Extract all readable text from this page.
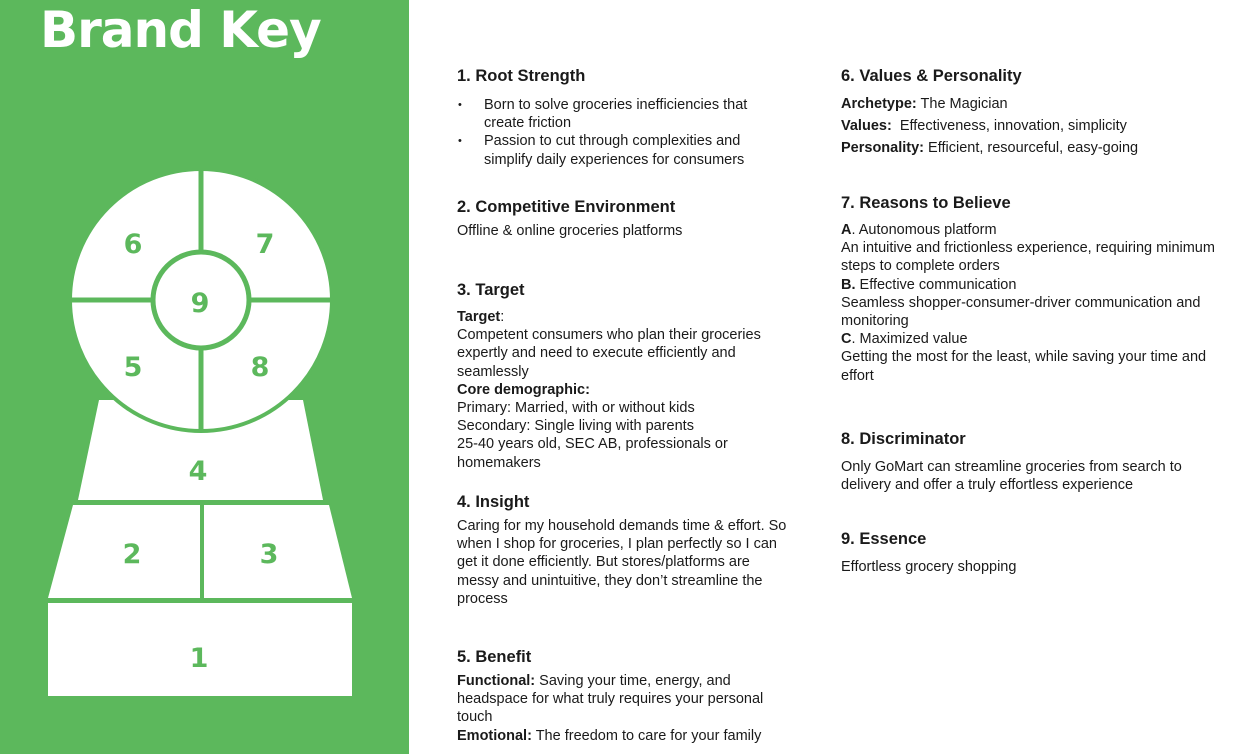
Brand Key
6	7
9
5	8
4
2	3
1
1. Root Strength
• Born to solve groceries inefficiencies that create friction
• Passion to cut through complexities and simplify daily experiences for consumers
2. Competitive Environment

Offline & online groceries platforms

3. Target

Target:

Competent consumers who plan their groceries expertly and need to execute efficiently and seamlessly

Core demographic:

Primary: Married, with or without kids

Secondary: Single living with parents

25-40 years old, SEC AB, professionals or homemakers

4. Insight

Caring for my household demands time & effort. So when I shop for groceries, I plan perfectly so I can get it done efficiently. But stores/platforms are messy and unintuitive, they don’t streamline the process

5. Benefit

Functional: Saving your time, energy, and headspace for what truly requires your personal touch

Emotional: The freedom to care for your family

6. Values & Personality

Archetype: The Magician

Values: Effectiveness, innovation, simplicity

Personality: Efficient, resourceful, easy-going

7. Reasons to Believe

A. Autonomous platform

An intuitive and frictionless experience, requiring minimum steps to complete orders

B. Effective communication

Seamless shopper-consumer-driver communication and monitoring

C. Maximized value

Getting the most for the least, while saving your time and effort

8. Discriminator

Only GoMart can streamline groceries from search to delivery and offer a truly effortless experience

9. Essence

Effortless grocery shopping
